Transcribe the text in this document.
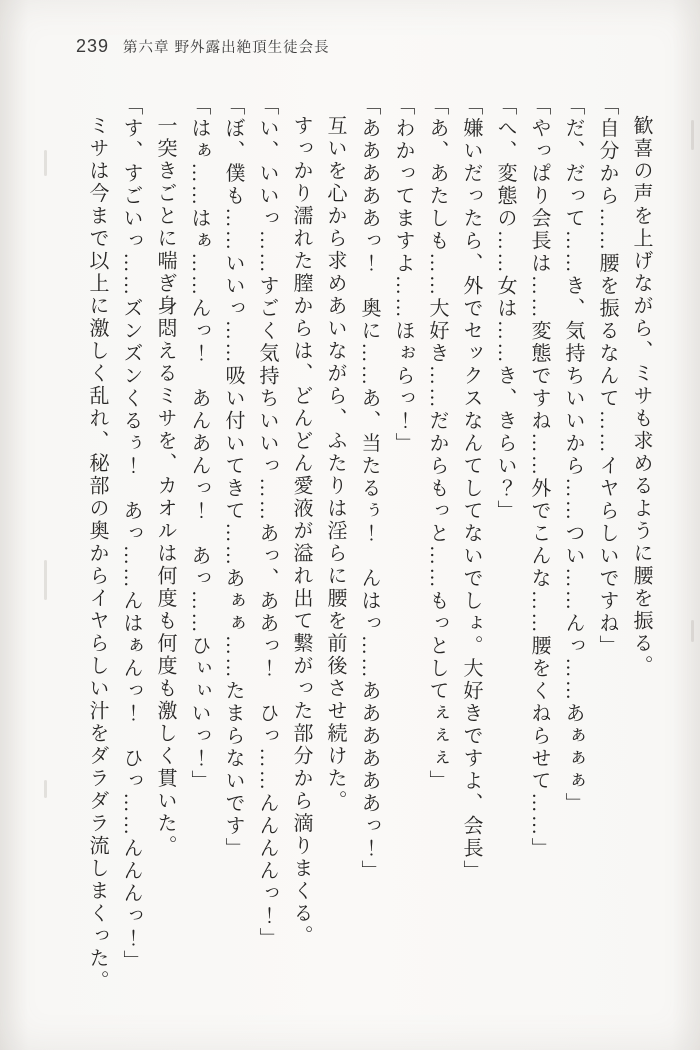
239 第六章 野外露出絶頂生徒会長

歓喜の声を上げながら、ミサも求めるように腰を振る。

「自分から……腰を振るなんて……イヤらしいですね」

「だ、だって……き、気持ちいいから……つい……んっ……あぁぁぁ」

「やっぱり会長は……変態ですね……外でこんな……腰をくねらせて……」

「へ、変態の……女は……き、きらい？」

「嫌いだったら、外でセックスなんてしてないでしょ。大好きですよ、会長」

「あ、あたしも……大好き……だからもっと……もっとしてぇぇぇ」

「わかってますよ……ほぉらっ！」

「あああああっ！　奥に……あ、当たるぅ！　んはっ……ああああああっ！」

互いを心から求めあいながら、ふたりは淫らに腰を前後させ続けた。

すっかり濡れた膣からは、どんどん愛液が溢れ出て繋がった部分から滴りまくる。

「い、いいっ……すごく気持ちいいっ……あっ、ああっ！　ひっ……んんんんっ！」

「ぼ、僕も……いいっ……吸い付いてきて……あぁぁ……たまらないです」

「はぁ……はぁ……んっ！　あんあんっ！　あっ……ひぃぃいっ！」

一突きごとに喘ぎ身悶えるミサを、カオルは何度も何度も激しく貫いた。

「す、すごいっ……ズンズンくるぅ！　あっ……んはぁんっ！　ひっ……んんんっ！」

ミサは今まで以上に激しく乱れ、秘部の奥からイヤらしい汁をダラダラ流しまくった。
